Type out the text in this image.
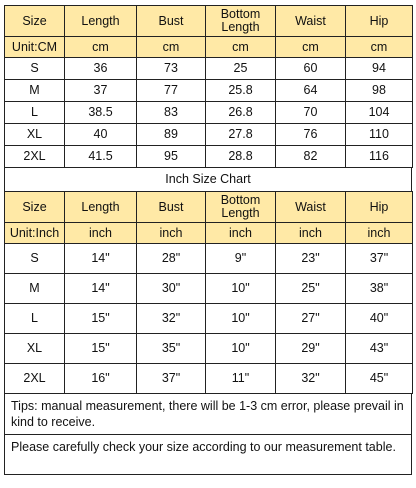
Size	Length	Bust	Bottom Length	Waist	Hip
Unit:CM	cm	cm	cm	cm	cm
S	36	73	25	60	94
M	37	77	25.8	64	98
L	38.5	83	26.8	70	104
XL	40	89	27.8	76	110
2XL	41.5	95	28.8	82	116
Inch Size Chart
Size	Length	Bust	Bottom Length	Waist	Hip
Unit:Inch	inch	inch	inch	inch	inch
S	14"	28"	9"	23"	37"
M	14"	30"	10"	25"	38"
L	15"	32"	10"	27"	40"
XL	15"	35"	10"	29"	43"
2XL	16"	37"	11"	32"	45"
Tips: manual measurement, there will be 1-3 cm error, please prevail in kind to receive.
Please carefully check your size according to our measurement table.
